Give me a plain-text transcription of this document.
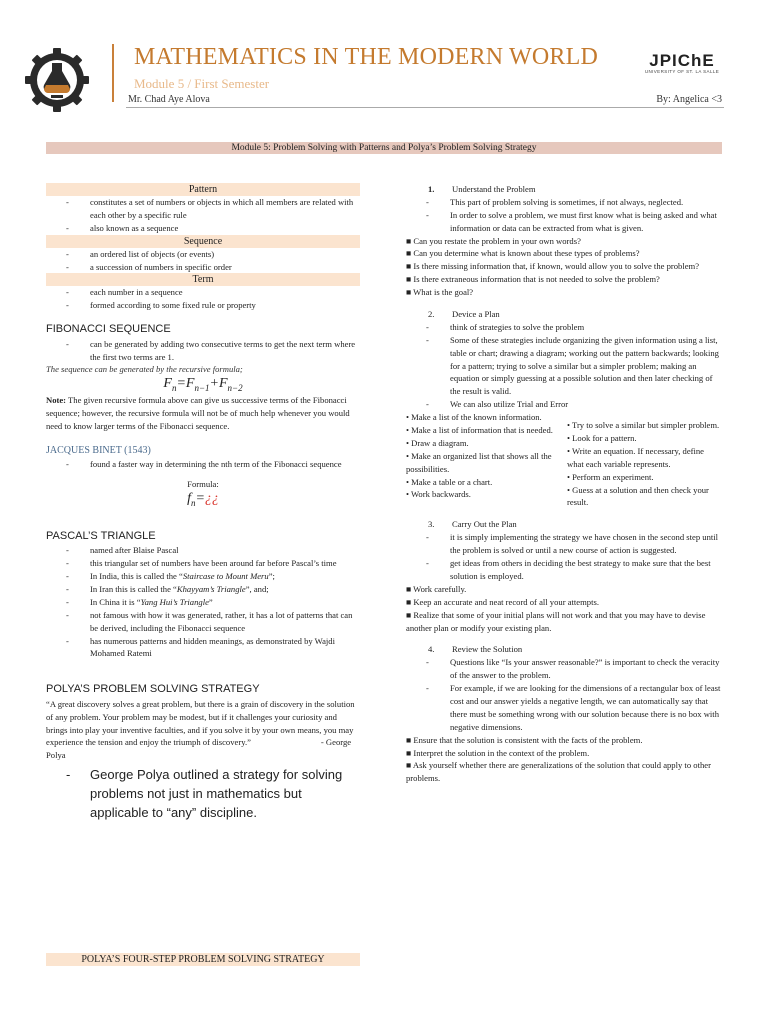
MATHEMATICS IN THE MODERN WORLD
Module 5 / First Semester
Mr. Chad Aye Alova	By: Angelica <3
JPIChE
UNIVERSITY OF ST. LA SALLE
Module 5: Problem Solving with Patterns and Polya’s Problem Solving Strategy
Pattern
- constitutes a set of numbers or objects in which all members are related with each other by a specific rule
- also known as a sequence
Sequence
- an ordered list of objects (or events)
- a succession of numbers in specific order
Term
- each number in a sequence
- formed according to some fixed rule or property
FIBONACCI SEQUENCE
- can be generated by adding two consecutive terms to get the next term where the first two terms are 1.
The sequence can be generated by the recursive formula;
$F_n=F_{n-1}+F_{n-2}$
Note: The given recursive formula above can give us successive terms of the Fibonacci sequence; however, the recursive formula will not be of much help whenever you would need to know larger terms of the Fibonacci sequence.
JACQUES BINET (1543)
- found a faster way in determining the nth term of the Fibonacci sequence
Formula:
$f_n=¿¿$
PASCAL’S TRIANGLE
- named after Blaise Pascal
- this triangular set of numbers have been around far before Pascal’s time
- In India, this is called the “Staircase to Mount Meru”;
- In Iran this is called the “Khayyam’s Triangle”, and;
- In China it is “Yang Hui’s Triangle”
- not famous with how it was generated, rather, it has a lot of patterns that can be derived, including the Fibonacci sequence
- has numerous patterns and hidden meanings, as demonstrated by Wajdi Mohamed Ratemi
POLYA’S PROBLEM SOLVING STRATEGY
“A great discovery solves a great problem, but there is a grain of discovery in the solution of any problem. Your problem may be modest, but if it challenges your curiosity and brings into play your inventive faculties, and if you solve it by your own means, you may experience the tension and enjoy the triumph of discovery.”	- George Polya
- George Polya outlined a strategy for solving problems not just in mathematics but applicable to “any” discipline.
POLYA’S FOUR-STEP PROBLEM SOLVING STRATEGY
1. Understand the Problem
- This part of problem solving is sometimes, if not always, neglected.
- In order to solve a problem, we must first know what is being asked and what information or data can be extracted from what is given.
■ Can you restate the problem in your own words?
■ Can you determine what is known about these types of problems?
■ Is there missing information that, if known, would allow you to solve the problem?
■ Is there extraneous information that is not needed to solve the problem?
■ What is the goal?
2. Device a Plan
- think of strategies to solve the problem
- Some of these strategies include organizing the given information using a list, table or chart; drawing a diagram; working out the pattern backwards; looking for a pattern; trying to solve a similar but a simpler problem; making an equation or simply guessing at a possible solution and then later checking of the result is valid.
- We can also utilize Trial and Error
• Make a list of the known information.
• Make a list of information that is needed.
• Draw a diagram.
• Make an organized list that shows all the possibilities.
• Make a table or a chart.
• Work backwards.
• Try to solve a similar but simpler problem.
• Look for a pattern.
• Write an equation. If necessary, define what each variable represents.
• Perform an experiment.
• Guess at a solution and then check your result.
3. Carry Out the Plan
- it is simply implementing the strategy we have chosen in the second step until the problem is solved or until a new course of action is suggested.
- get ideas from others in deciding the best strategy to make sure that the best solution is employed.
■ Work carefully.
■ Keep an accurate and neat record of all your attempts.
■ Realize that some of your initial plans will not work and that you may have to devise another plan or modify your existing plan.
4. Review the Solution
- Questions like “Is your answer reasonable?” is important to check the veracity of the answer to the problem.
- For example, if we are looking for the dimensions of a rectangular box of least cost and our answer yields a negative length, we can automatically say that there must be something wrong with our solution because there is no box with negative dimensions.
■ Ensure that the solution is consistent with the facts of the problem.
■ Interpret the solution in the context of the problem.
■ Ask yourself whether there are generalizations of the solution that could apply to other problems.
